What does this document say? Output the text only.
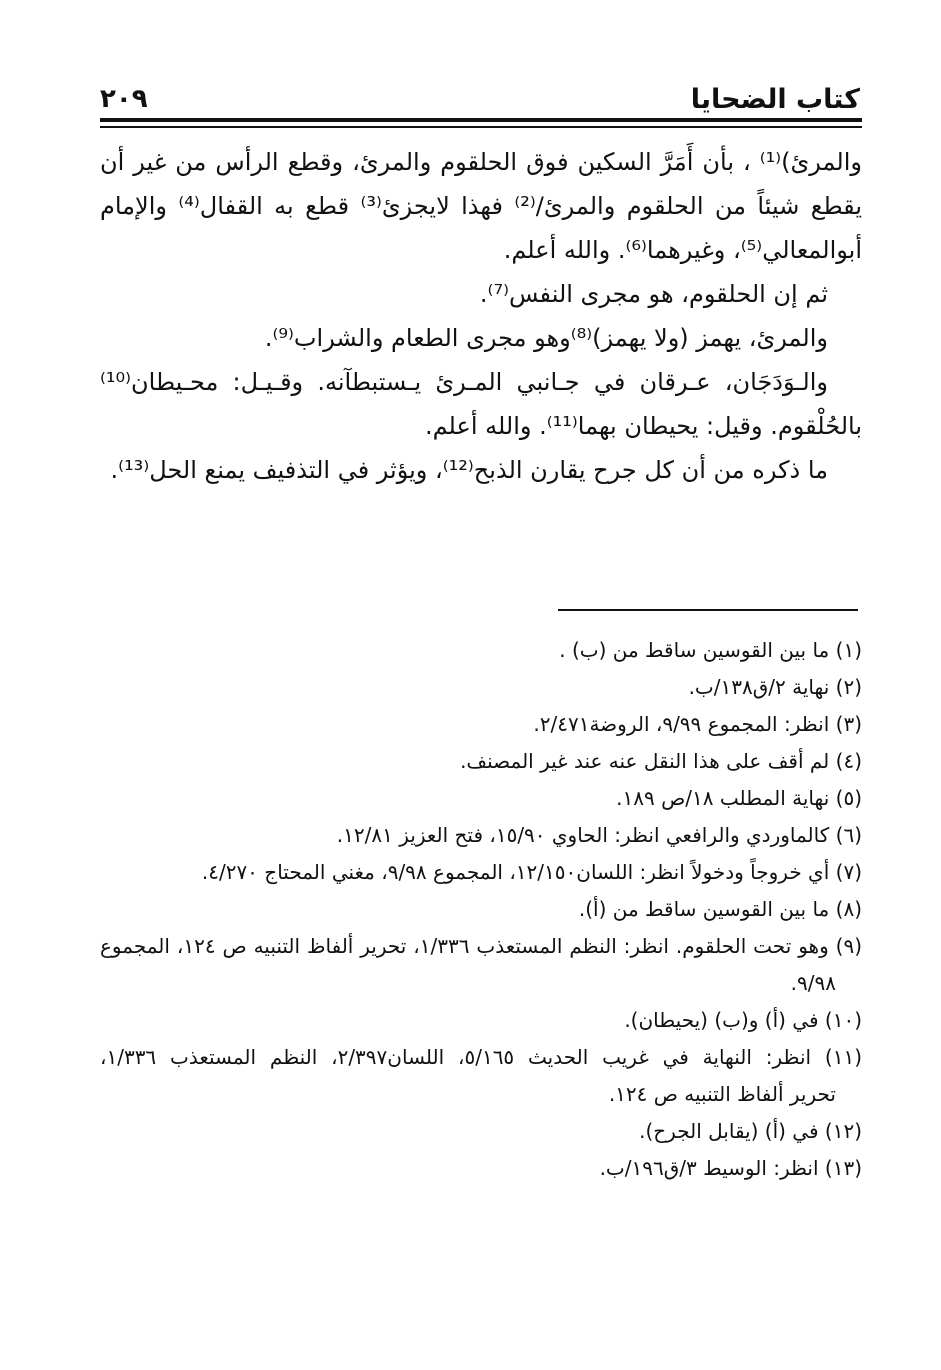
كتاب الضحايا
٢٠٩
والمرئ)⁽¹⁾ ، بأن أَمَرَّ السكين فوق الحلقوم والمرئ، وقطع الرأس من غير أن
يقطع شيئاً من الحلقوم والمرئ/⁽²⁾ فهذا لايجزئ⁽³⁾ قطع به القفال⁽⁴⁾ والإمام
أبوالمعالي⁽⁵⁾، وغيرهما⁽⁶⁾. والله أعلم.
ثم إن الحلقوم، هو مجرى النفس⁽⁷⁾.
والمرئ، يهمز (ولا يهمز)⁽⁸⁾وهو مجرى الطعام والشراب⁽⁹⁾.
والـوَدَجَان، عـرقان في جـانبي المـرئ يـستبطآنه. وقـيـل: محـيطان⁽¹⁰⁾
بالحُلْقوم. وقيل: يحيطان بهما⁽¹¹⁾. والله أعلم.
ما ذكره من أن كل جرح يقارن الذبح⁽¹²⁾، ويؤثر في التذفيف يمنع الحل⁽¹³⁾.
(١) ما بين القوسين ساقط من (ب) .
(٢) نهاية ٢/ق١٣٨/ب.
(٣) انظر: المجموع ٩/٩٩، الروضة٢/٤٧١.
(٤) لم أقف على هذا النقل عنه عند غير المصنف.
(٥) نهاية المطلب ١٨/ص ١٨٩.
(٦) كالماوردي والرافعي انظر: الحاوي ١٥/٩٠، فتح العزيز ١٢/٨١.
(٧) أي خروجاً ودخولاً انظر: اللسان١٢/١٥٠، المجموع ٩/٩٨، مغني المحتاج ٤/٢٧٠.
(٨) ما بين القوسين ساقط من (أ).
(٩) وهو تحت الحلقوم. انظر: النظم المستعذب ١/٣٣٦، تحرير ألفاظ التنبيه ص ١٢٤، المجموع
٩/٩٨.
(١٠) في (أ) و(ب) (يحيطان).
(١١) انظر: النهاية في غريب الحديث ٥/١٦٥، اللسان٢/٣٩٧، النظم المستعذب ١/٣٣٦،
تحرير ألفاظ التنبيه ص ١٢٤.
(١٢) في (أ) (يقابل الجرح).
(١٣) انظر: الوسيط ٣/ق١٩٦/ب.
